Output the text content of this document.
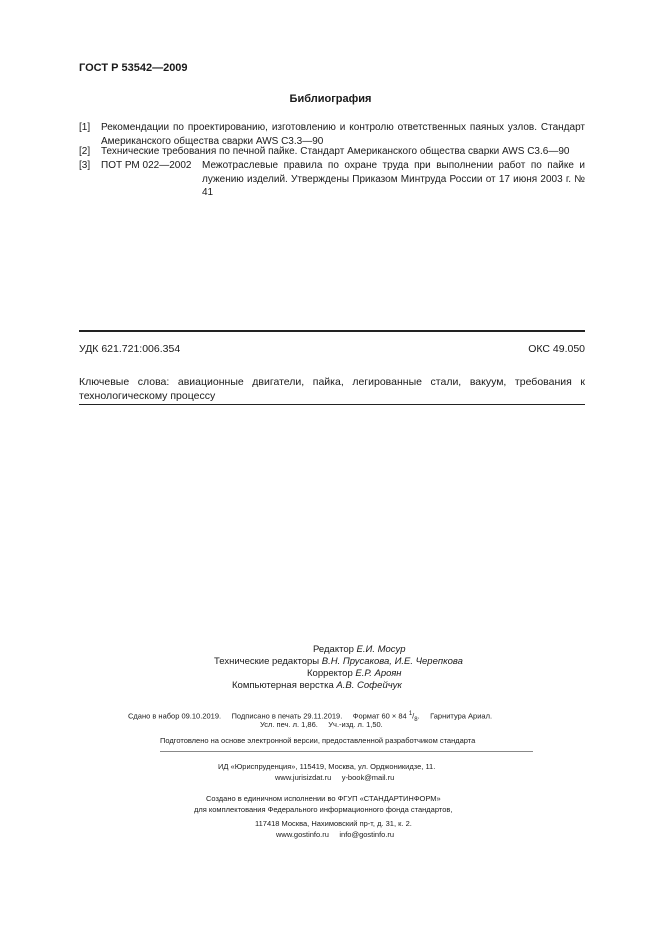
ГОСТ Р 53542—2009
Библиография
[1] Рекомендации по проектированию, изготовлению и контролю ответственных паяных узлов. Стандарт Американского общества сварки AWS C3.3—90
[2] Технические требования по печной пайке. Стандарт Американского общества сварки AWS C3.6—90
[3] ПОТ РМ 022—2002	Межотраслевые правила по охране труда при выполнении работ по пайке и лужению изделий. Утверждены Приказом Минтруда России от 17 июня 2003 г. № 41
УДК 621.721:006.354	ОКС 49.050
Ключевые слова: авиационные двигатели, пайка, легированные стали, вакуум, требования к технологическому процессу
Редактор Е.И. Мосур
Технические редакторы В.Н. Прусакова, И.Е. Черепкова
Корректор Е.Р. Ароян
Компьютерная верстка А.В. Софейчук
Сдано в набор 09.10.2019. Подписано в печать 29.11.2019. Формат 60 × 84 $^1/_8$. Гарнитура Ариал.
Усл. печ. л. 1,86. Уч.-изд. л. 1,50.
Подготовлено на основе электронной версии, предоставленной разработчиком стандарта
ИД «Юриспруденция», 115419, Москва, ул. Орджоникидзе, 11.
www.jurisizdat.ru y-book@mail.ru
Создано в единичном исполнении во ФГУП «СТАНДАРТИНФОРМ»
для комплектования Федерального информационного фонда стандартов,
117418 Москва, Нахимовский пр-т, д. 31, к. 2.
www.gostinfo.ru info@gostinfo.ru
